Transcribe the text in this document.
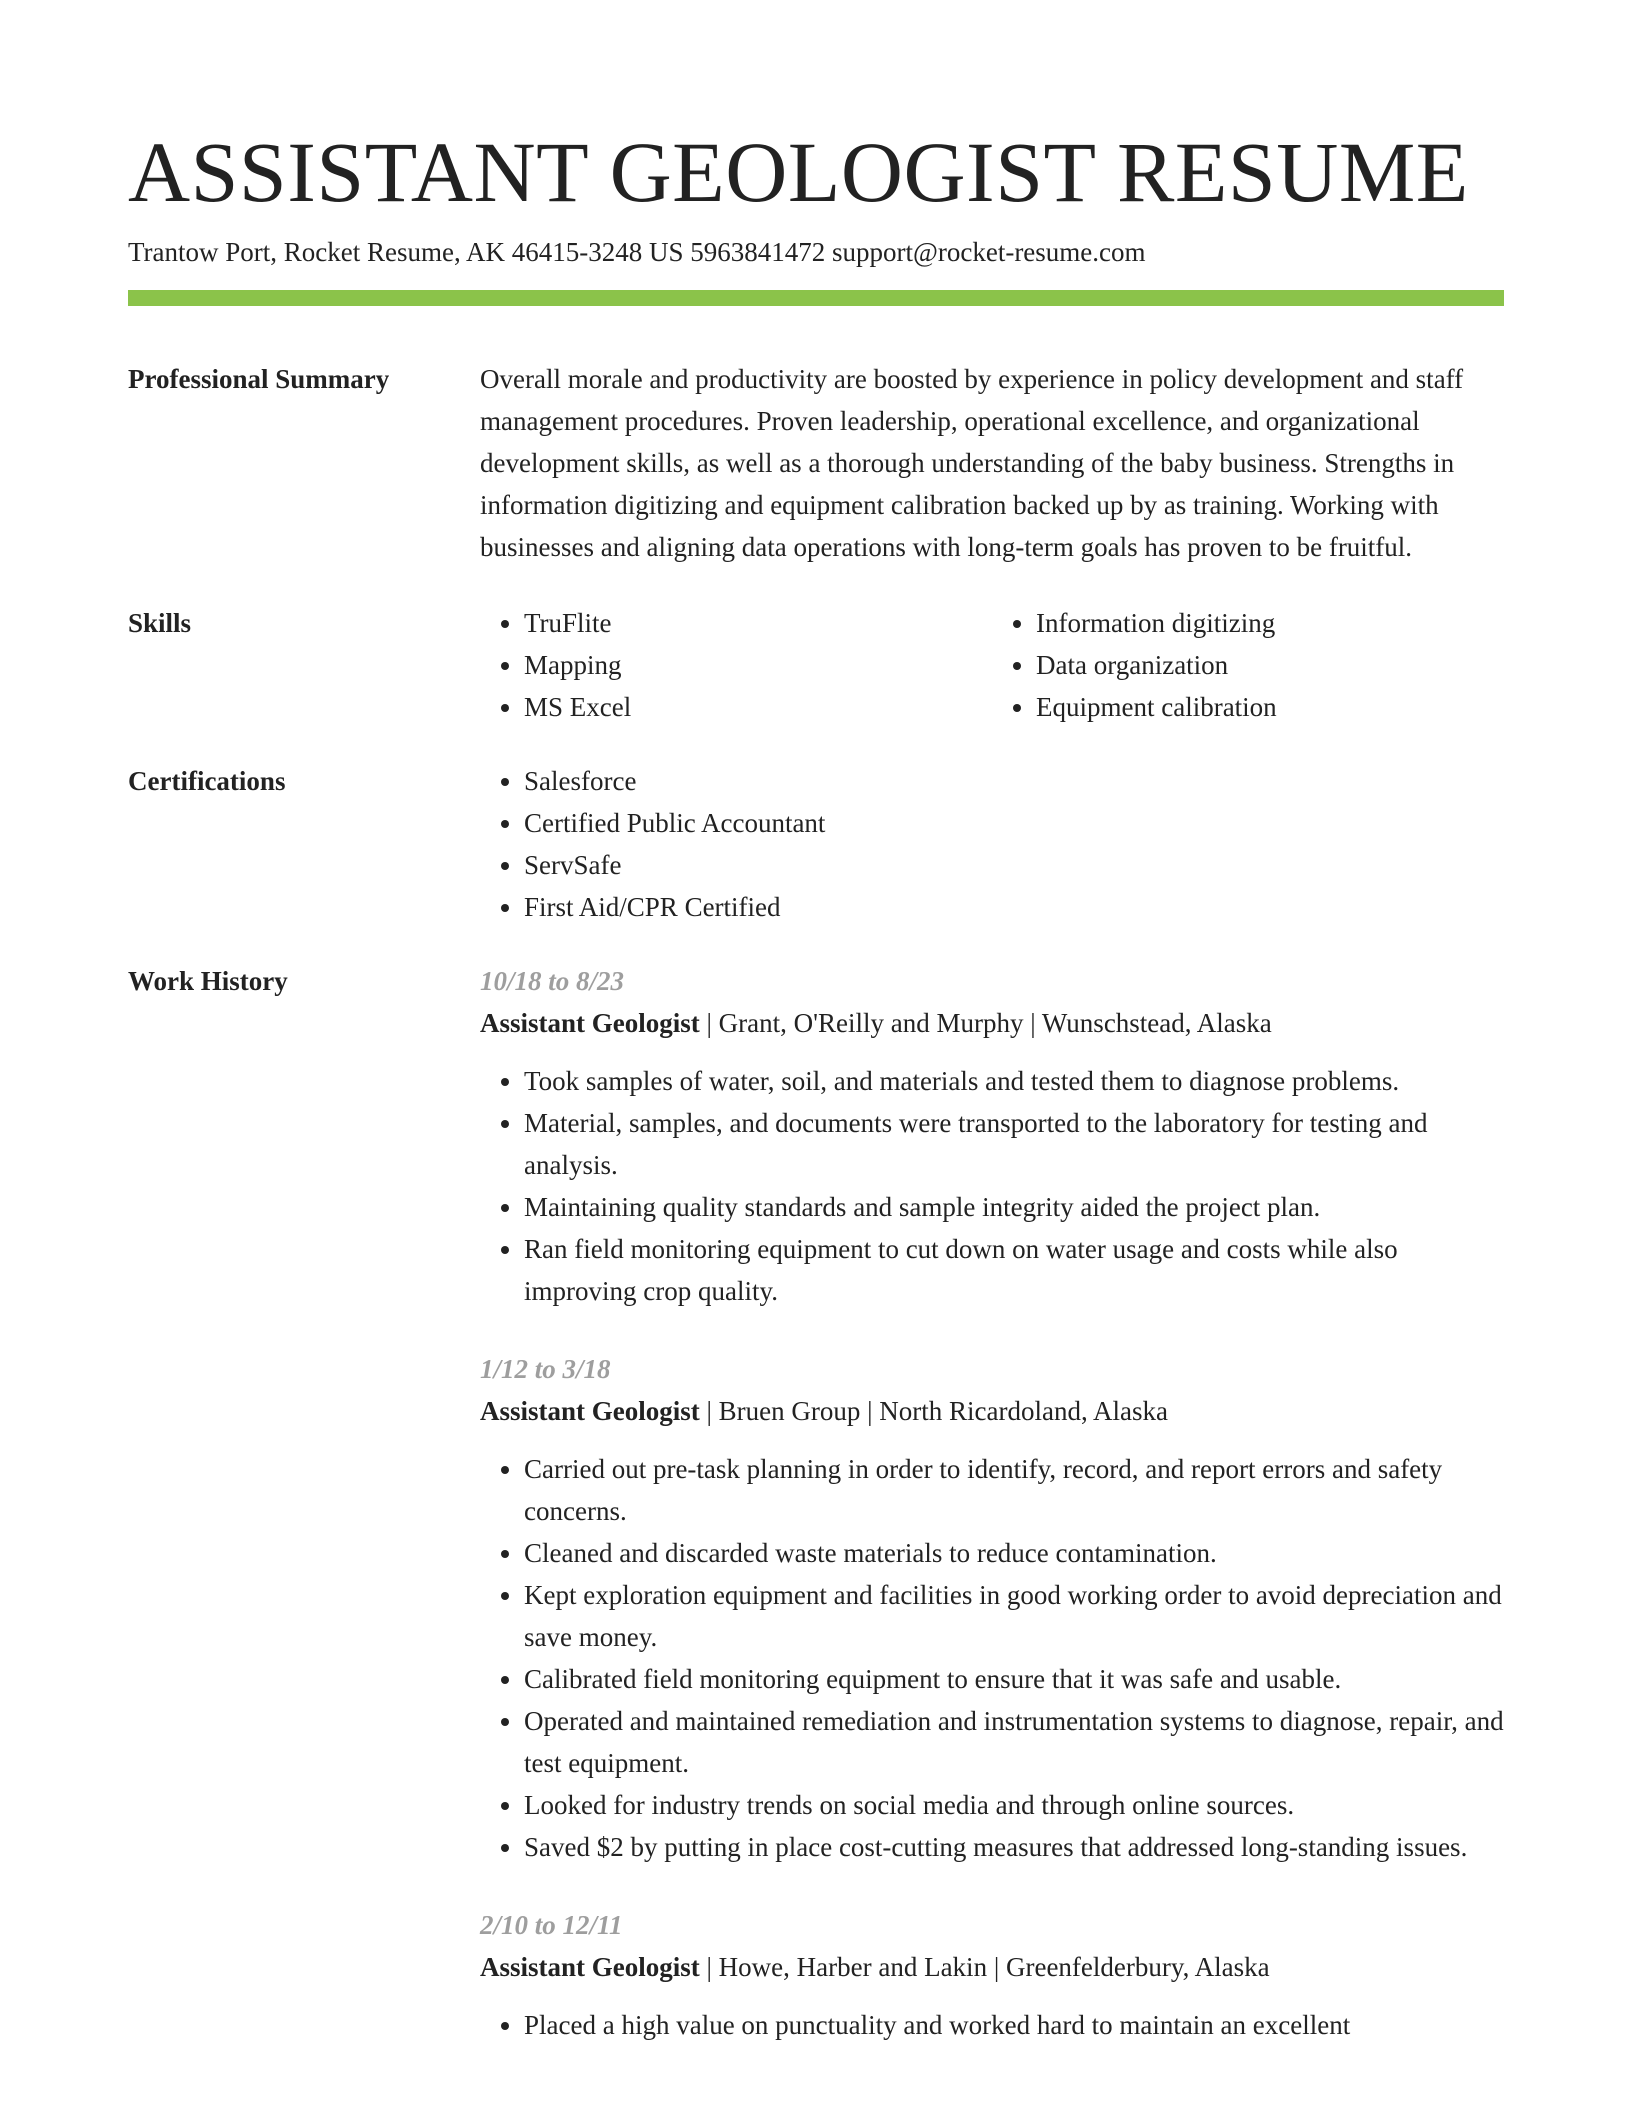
ASSISTANT GEOLOGIST RESUME
Trantow Port, Rocket Resume, AK 46415-3248 US 5963841472 support@rocket-resume.com
Professional Summary	Overall morale and productivity are boosted by experience in policy development and staff management procedures. Proven leadership, operational excellence, and organizational development skills, as well as a thorough understanding of the baby business. Strengths in information digitizing and equipment calibration backed up by as training. Working with businesses and aligning data operations with long-term goals has proven to be fruitful.

Skills	• TruFlite
• Mapping
• MS Excel
• Information digitizing
• Data organization
• Equipment calibration
Certifications	• Salesforce
• Certified Public Accountant
• ServSafe
• First Aid/CPR Certified
Work History	10/18 to 8/23
Assistant Geologist | Grant, O'Reilly and Murphy | Wunschstead, Alaska
• Took samples of water, soil, and materials and tested them to diagnose problems.
• Material, samples, and documents were transported to the laboratory for testing and analysis.
• Maintaining quality standards and sample integrity aided the project plan.
• Ran field monitoring equipment to cut down on water usage and costs while also improving crop quality.
1/12 to 3/18
Assistant Geologist | Bruen Group | North Ricardoland, Alaska
• Carried out pre-task planning in order to identify, record, and report errors and safety concerns.
• Cleaned and discarded waste materials to reduce contamination.
• Kept exploration equipment and facilities in good working order to avoid depreciation and save money.
• Calibrated field monitoring equipment to ensure that it was safe and usable.
• Operated and maintained remediation and instrumentation systems to diagnose, repair, and test equipment.
• Looked for industry trends on social media and through online sources.
• Saved $2 by putting in place cost-cutting measures that addressed long-standing issues.
2/10 to 12/11
Assistant Geologist | Howe, Harber and Lakin | Greenfelderbury, Alaska
• Placed a high value on punctuality and worked hard to maintain an excellent
